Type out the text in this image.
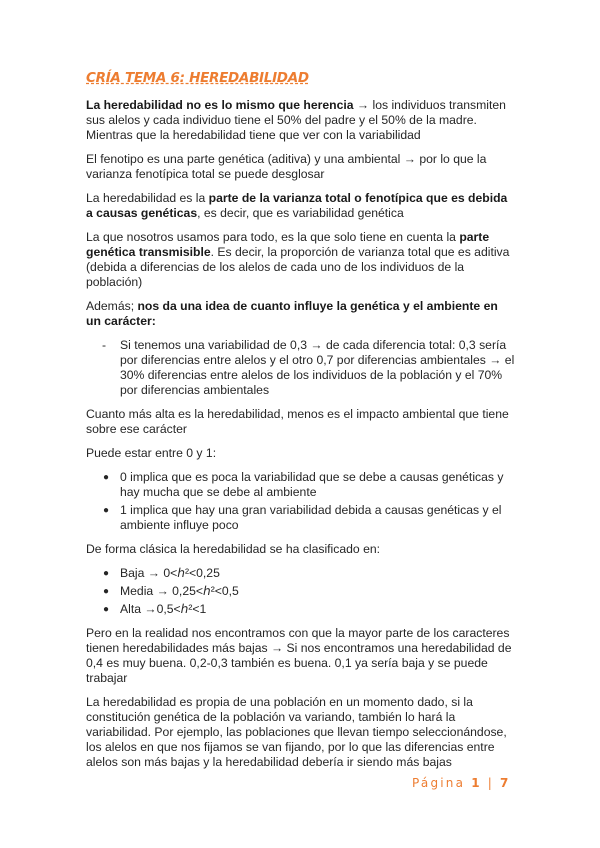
CRÍA TEMA 6: HEREDABILIDAD

La heredabilidad no es lo mismo que herencia → los individuos transmiten sus alelos y cada individuo tiene el 50% del padre y el 50% de la madre. Mientras que la heredabilidad tiene que ver con la variabilidad

El fenotipo es una parte genética (aditiva) y una ambiental → por lo que la varianza fenotípica total se puede desglosar

La heredabilidad es la parte de la varianza total o fenotípica que es debida a causas genéticas, es decir, que es variabilidad genética

La que nosotros usamos para todo, es la que solo tiene en cuenta la parte genética transmisible. Es decir, la proporción de varianza total que es aditiva (debida a diferencias de los alelos de cada uno de los individuos de la población)

Además; nos da una idea de cuanto influye la genética y el ambiente en un carácter:

- Si tenemos una variabilidad de 0,3 → de cada diferencia total: 0,3 sería por diferencias entre alelos y el otro 0,7 por diferencias ambientales → el 30% diferencias entre alelos de los individuos de la población y el 70% por diferencias ambientales

Cuanto más alta es la heredabilidad, menos es el impacto ambiental que tiene sobre ese carácter

Puede estar entre 0 y 1:

● 0 implica que es poca la variabilidad que se debe a causas genéticas y hay mucha que se debe al ambiente
● 1 implica que hay una gran variabilidad debida a causas genéticas y el ambiente influye poco

De forma clásica la heredabilidad se ha clasificado en:

● Baja → 0<ℎ²<0,25
● Media → 0,25<ℎ²<0,5
● Alta →0,5<ℎ²<1

Pero en la realidad nos encontramos con que la mayor parte de los caracteres tienen heredabilidades más bajas → Si nos encontramos una heredabilidad de 0,4 es muy buena. 0,2-0,3 también es buena. 0,1 ya sería baja y se puede trabajar

La heredabilidad es propia de una población en un momento dado, si la constitución genética de la población va variando, también lo hará la variabilidad. Por ejemplo, las poblaciones que llevan tiempo seleccionándose, los alelos en que nos fijamos se van fijando, por lo que las diferencias entre alelos son más bajas y la heredabilidad debería ir siendo más bajas

Página 1 | 7
